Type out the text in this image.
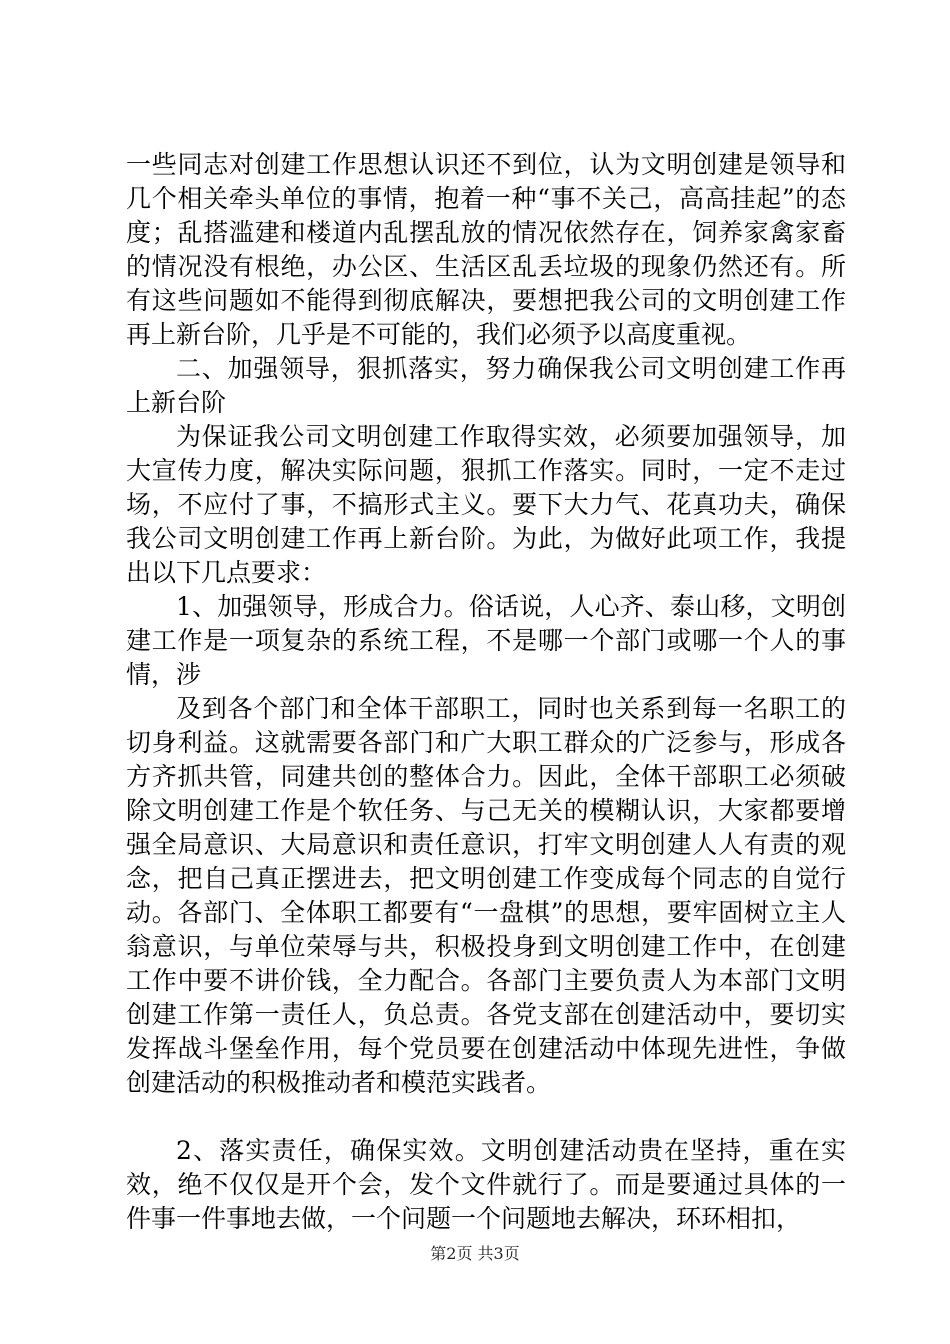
一些同志对创建工作思想认识还不到位，认为文明创建是领导和几个相关牵头单位的事情，抱着一种“事不关己，高高挂起”的态度；乱搭滥建和楼道内乱摆乱放的情况依然存在，饲养家禽家畜的情况没有根绝，办公区、生活区乱丢垃圾的现象仍然还有。所有这些问题如不能得到彻底解决，要想把我公司的文明创建工作再上新台阶，几乎是不可能的，我们必须予以高度重视。

二、加强领导，狠抓落实，努力确保我公司文明创建工作再上新台阶

为保证我公司文明创建工作取得实效，必须要加强领导，加大宣传力度，解决实际问题，狠抓工作落实。同时，一定不走过场，不应付了事，不搞形式主义。要下大力气、花真功夫，确保我公司文明创建工作再上新台阶。为此，为做好此项工作，我提出以下几点要求：

1、加强领导，形成合力。俗话说，人心齐、泰山移，文明创建工作是一项复杂的系统工程，不是哪一个部门或哪一个人的事情，涉

及到各个部门和全体干部职工，同时也关系到每一名职工的切身利益。这就需要各部门和广大职工群众的广泛参与，形成各方齐抓共管，同建共创的整体合力。因此，全体干部职工必须破除文明创建工作是个软任务、与己无关的模糊认识，大家都要增强全局意识、大局意识和责任意识，打牢文明创建人人有责的观念，把自己真正摆进去，把文明创建工作变成每个同志的自觉行动。各部门、全体职工都要有“一盘棋”的思想，要牢固树立主人翁意识，与单位荣辱与共，积极投身到文明创建工作中，在创建工作中要不讲价钱，全力配合。各部门主要负责人为本部门文明创建工作第一责任人，负总责。各党支部在创建活动中，要切实发挥战斗堡垒作用，每个党员要在创建活动中体现先进性，争做创建活动的积极推动者和模范实践者。

2、落实责任，确保实效。文明创建活动贵在坚持，重在实效，绝不仅仅是开个会，发个文件就行了。而是要通过具体的一件事一件事地去做，一个问题一个问题地去解决，环环相扣，

第2页 共3页
